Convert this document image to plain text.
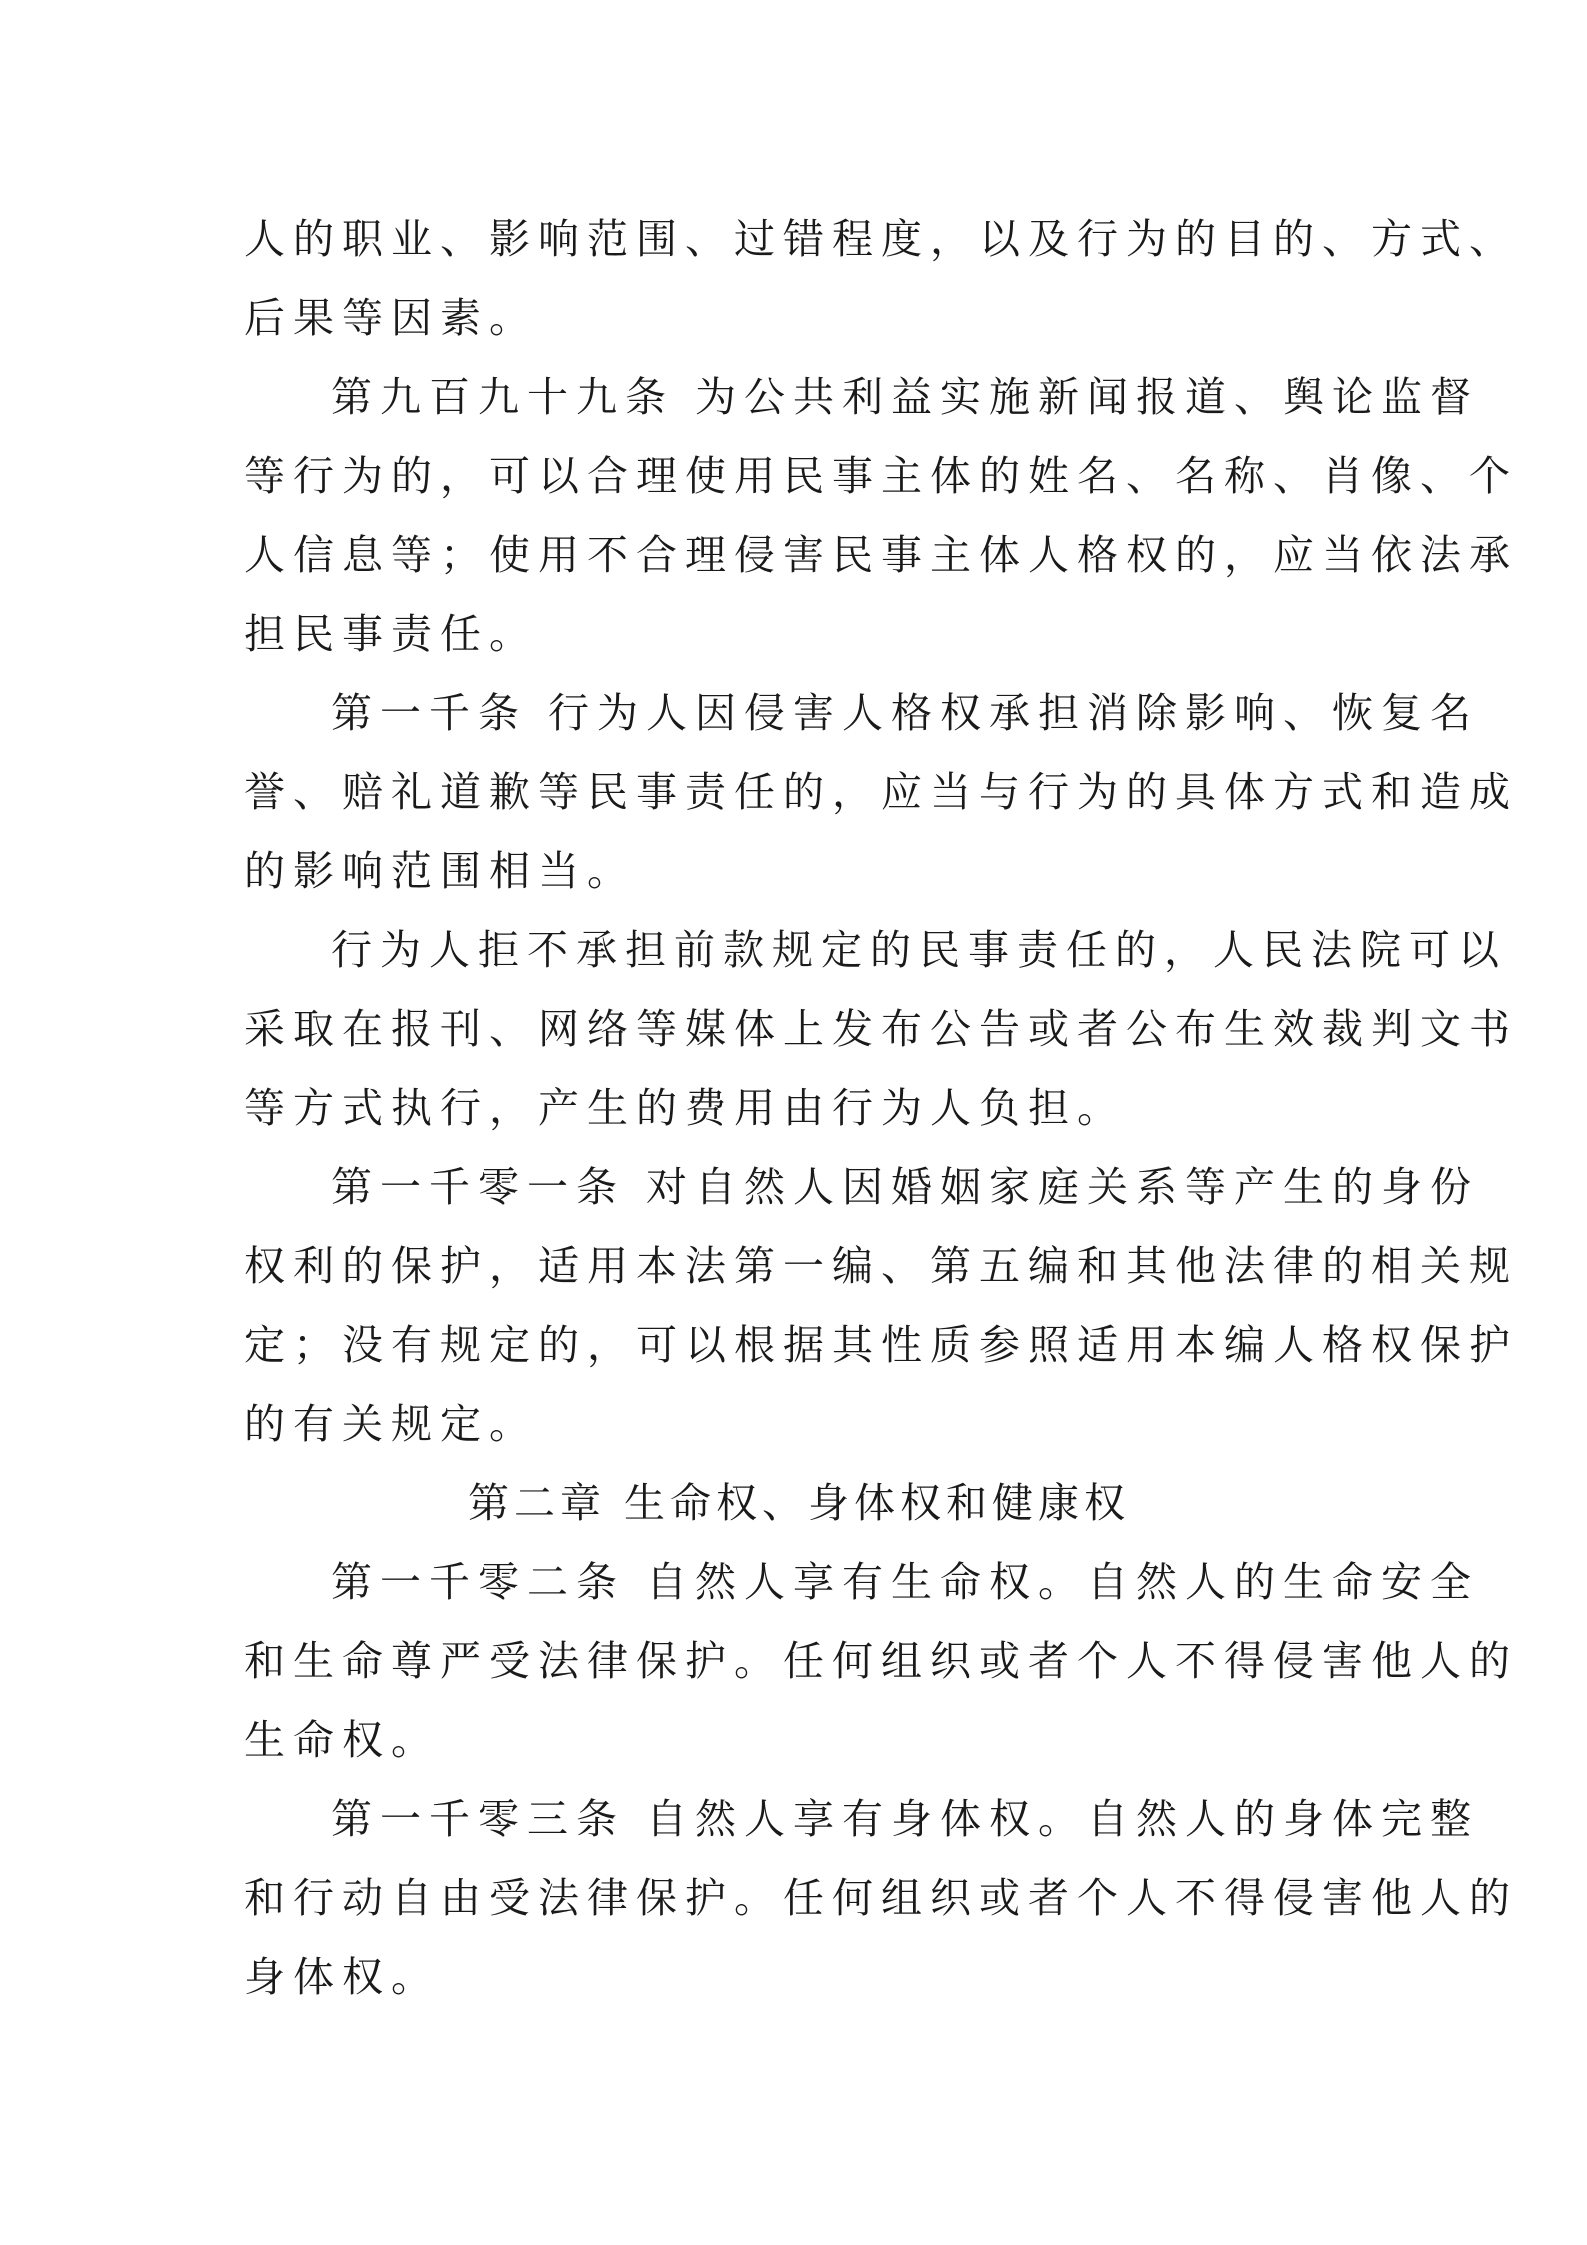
人的职业、影响范围、过错程度，以及行为的目的、方式、
后果等因素。
第九百九十九条 为公共利益实施新闻报道、舆论监督
等行为的，可以合理使用民事主体的姓名、名称、肖像、个
人信息等；使用不合理侵害民事主体人格权的，应当依法承
担民事责任。
第一千条 行为人因侵害人格权承担消除影响、恢复名
誉、赔礼道歉等民事责任的，应当与行为的具体方式和造成
的影响范围相当。
行为人拒不承担前款规定的民事责任的，人民法院可以
采取在报刊、网络等媒体上发布公告或者公布生效裁判文书
等方式执行，产生的费用由行为人负担。
第一千零一条 对自然人因婚姻家庭关系等产生的身份
权利的保护，适用本法第一编、第五编和其他法律的相关规
定；没有规定的，可以根据其性质参照适用本编人格权保护
的有关规定。
第二章 生命权、身体权和健康权
第一千零二条 自然人享有生命权。自然人的生命安全
和生命尊严受法律保护。任何组织或者个人不得侵害他人的
生命权。
第一千零三条 自然人享有身体权。自然人的身体完整
和行动自由受法律保护。任何组织或者个人不得侵害他人的
身体权。
